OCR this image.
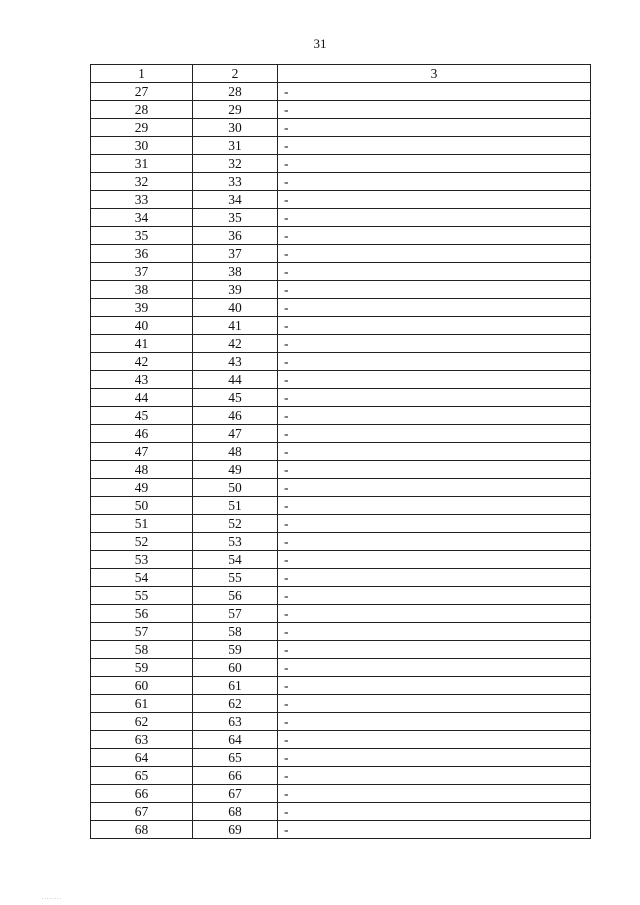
31
1	2	3
27	28	-
28	29	-
29	30	-
30	31	-
31	32	-
32	33	-
33	34	-
34	35	-
35	36	-
36	37	-
37	38	-
38	39	-
39	40	-
40	41	-
41	42	-
42	43	-
43	44	-
44	45	-
45	46	-
46	47	-
47	48	-
48	49	-
49	50	-
50	51	-
51	52	-
52	53	-
53	54	-
54	55	-
55	56	-
56	57	-
57	58	-
58	59	-
59	60	-
60	61	-
61	62	-
62	63	-
63	64	-
64	65	-
65	66	-
66	67	-
67	68	-
68	69	-
........
